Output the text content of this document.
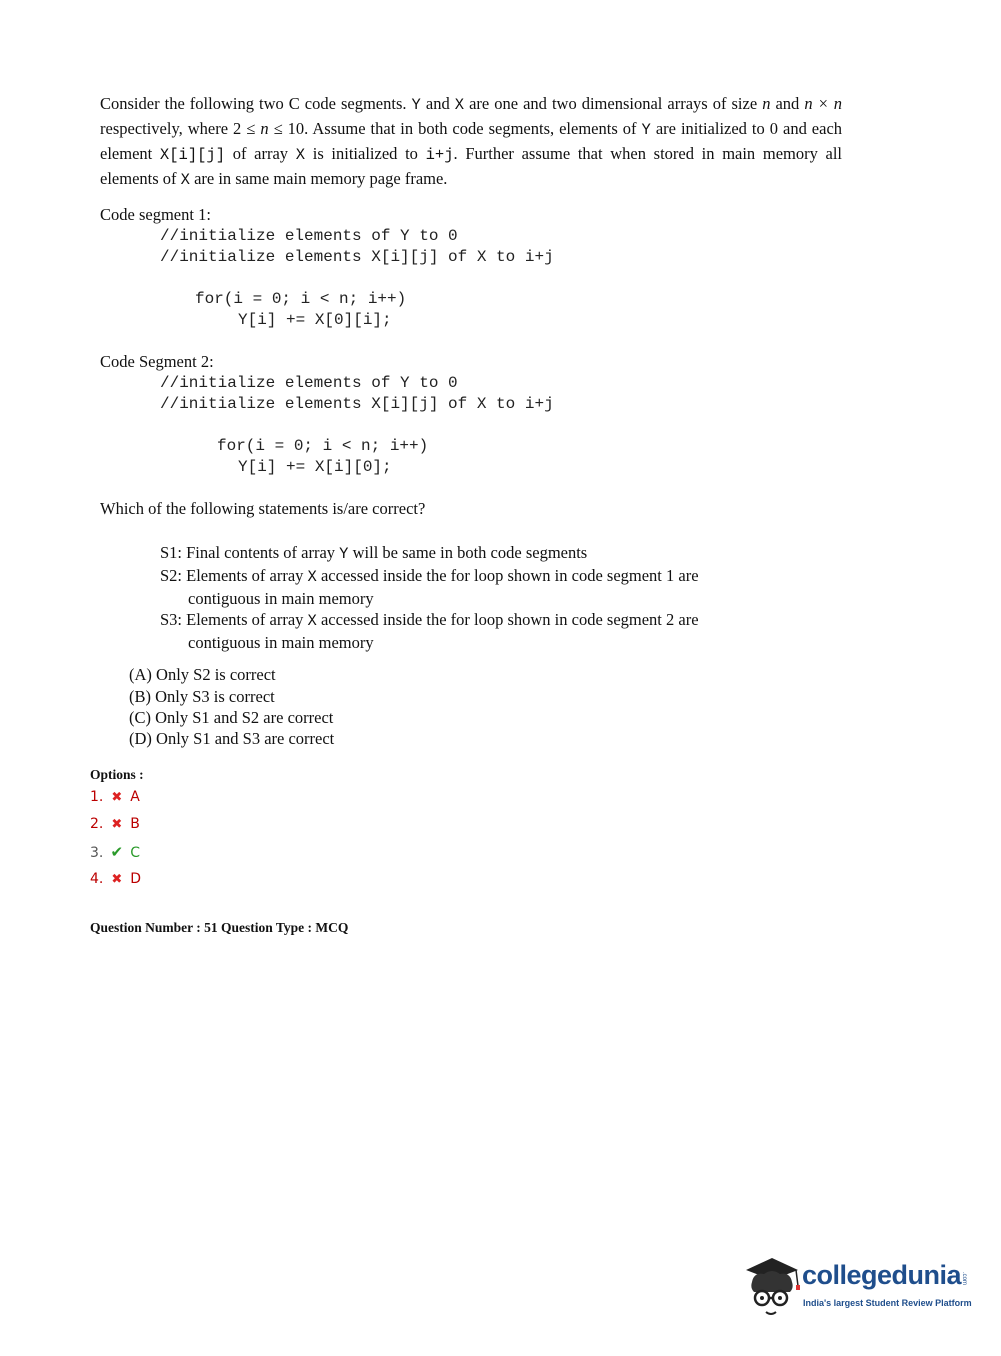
Consider the following two C code segments. Y and X are one and two dimensional arrays of size n and n × n respectively, where 2 ≤ n ≤ 10. Assume that in both code segments, elements of Y are initialized to 0 and each element X[i][j] of array X is initialized to i+j. Further assume that when stored in main memory all elements of X are in same main memory page frame.
Code segment 1:
//initialize elements of Y to 0
//initialize elements X[i][j] of X to i+j
for(i = 0; i < n; i++)
Y[i] += X[0][i];
Code Segment 2:
//initialize elements of Y to 0
//initialize elements X[i][j] of X to i+j
for(i = 0; i < n; i++)
Y[i] += X[i][0];
Which of the following statements is/are correct?
S1: Final contents of array Y will be same in both code segments
S2: Elements of array X accessed inside the for loop shown in code segment 1 are
contiguous in main memory
S3: Elements of array X accessed inside the for loop shown in code segment 2 are
contiguous in main memory
(A) Only S2 is correct
(B) Only S3 is correct
(C) Only S1 and S2 are correct
(D) Only S1 and S3 are correct
Options :
1. ✖ A
2. ✖ B
3. ✔ C
4. ✖ D
Question Number : 51 Question Type : MCQ
collegedunia .com
India's largest Student Review Platform
